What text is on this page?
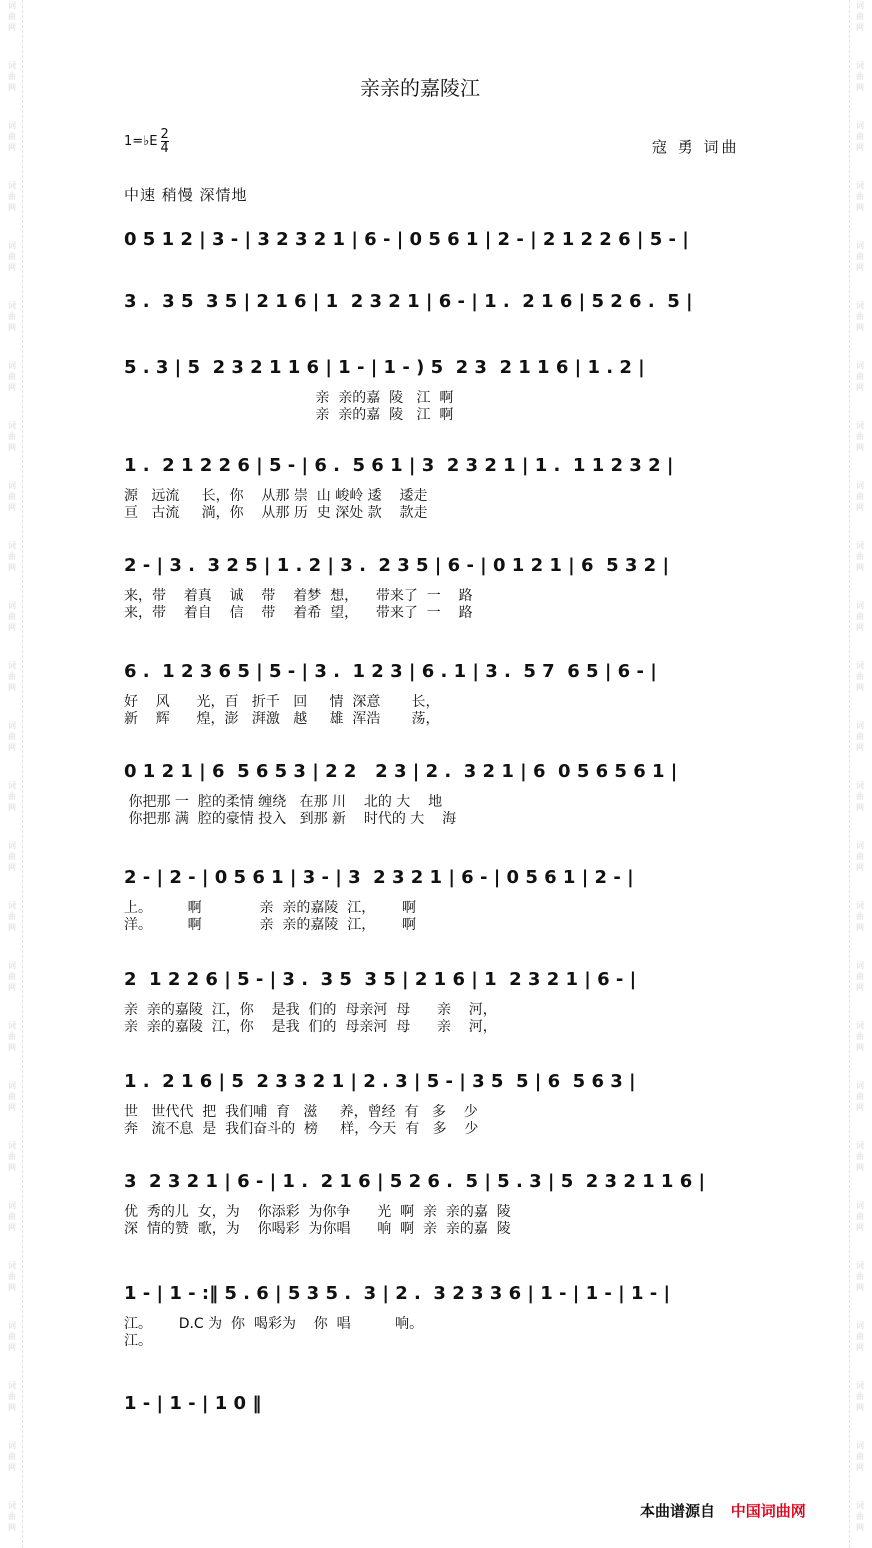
词
曲
网
词
曲
网
词
曲
网
词
曲
网
词
曲
网
词
曲
网
词
曲
网
词
曲
网
词
曲
网
词
曲
网
词
曲
网
词
曲
网
词
曲
网
词
曲
网
词
曲
网
词
曲
网
词
曲
网
词
曲
网
词
曲
网
词
曲
网
词
曲
网
词
曲
网
词
曲
网
词
曲
网
词
曲
网
词
曲
网
词
曲
网
词
曲
网
词
曲
网
词
曲
网
词
曲
网
词
曲
网
词
曲
网
词
曲
网
词
曲
网
词
曲
网
词
曲
网
词
曲
网
词
曲
网
词
曲
网
词
曲
网
词
曲
网
词
曲
网
词
曲
网
词
曲
网
词
曲
网
词
曲
网
词
曲
网
词
曲
网
词
曲
网
词
曲
网
词
曲
网
亲亲的嘉陵江
1=♭E $\frac{2}{4}$	寇 勇 词曲
中速 稍慢 深情地
0 5 1 2 | 3 - | 3 2 3 2 1 | 6 - | 0 5 6 1 | 2 - | 2 1 2 2 6 | 5 - |
3 .  3 5  3 5 | 2 1 6 | 1  2 3 2 1 | 6 - | 1 .  2 1 6 | 5 2 6 .  5 |
5 . 3 | 5  2 3 2 1 1 6 | 1 - | 1 - ) 5  2 3  2 1 1 6 | 1 . 2 |
亲  亲的嘉  陵   江  啊
亲  亲的嘉  陵   江  啊
1 .  2 1 2 2 6 | 5 - | 6 .  5 6 1 | 3  2 3 2 1 | 1 .  1 1 2 3 2 |
源   远流     长，你    从那 崇  山 峻岭 逶    逶走
亘   古流     淌，你    从那 历  史 深处 款    款走
2 - | 3 .  3 2 5 | 1 . 2 | 3 .  2 3 5 | 6 - | 0 1 2 1 | 6  5 3 2 |
来，带    着真    诚    带    着梦  想，    带来了  一    路
来，带    着自    信    带    着希  望，    带来了  一    路
6 .  1 2 3 6 5 | 5 - | 3 .  1 2 3 | 6 . 1 | 3 .  5 7  6 5 | 6 - |
好    风      光，百   折千   回     情  深意       长，
新    辉      煌，澎   湃激   越     雄  浑浩       荡，
0 1 2 1 | 6  5 6 5 3 | 2 2   2 3 | 2 .  3 2 1 | 6  0 5 6 5 6 1 |
你把那 一  腔的柔情 缠绕   在那 川    北的 大    地
你把那 满  腔的豪情 投入   到那 新    时代的 大    海
2 - | 2 - | 0 5 6 1 | 3 - | 3  2 3 2 1 | 6 - | 0 5 6 1 | 2 - |
上。        啊             亲  亲的嘉陵  江，      啊
洋。        啊             亲  亲的嘉陵  江，      啊
2  1 2 2 6 | 5 - | 3 .  3 5  3 5 | 2 1 6 | 1  2 3 2 1 | 6 - |
亲  亲的嘉陵  江，你    是我  们的  母亲河  母      亲    河，
亲  亲的嘉陵  江，你    是我  们的  母亲河  母      亲    河，
1 .  2 1 6 | 5  2 3 3 2 1 | 2 . 3 | 5 - | 3 5  5 | 6  5 6 3 |
世   世代代  把  我们哺  育   滋     养，曾经  有   多    少
奔   流不息  是  我们奋斗的  榜     样，今天  有   多    少
3  2 3 2 1 | 6 - | 1 .  2 1 6 | 5 2 6 .  5 | 5 . 3 | 5  2 3 2 1 1 6 |
优  秀的儿  女，为    你添彩  为你争      光  啊  亲  亲的嘉  陵
深  情的赞  歌，为    你喝彩  为你唱      响  啊  亲  亲的嘉  陵
1 - | 1 - :‖ 5 . 6 | 5 3 5 .  3 | 2 .  3 2 3 3 6 | 1 - | 1 - | 1 - |
江。      D.C 为  你  喝彩为    你  唱          响。
江。
1 - | 1 - | 1 0 ‖
本曲谱源自 中国词曲网
